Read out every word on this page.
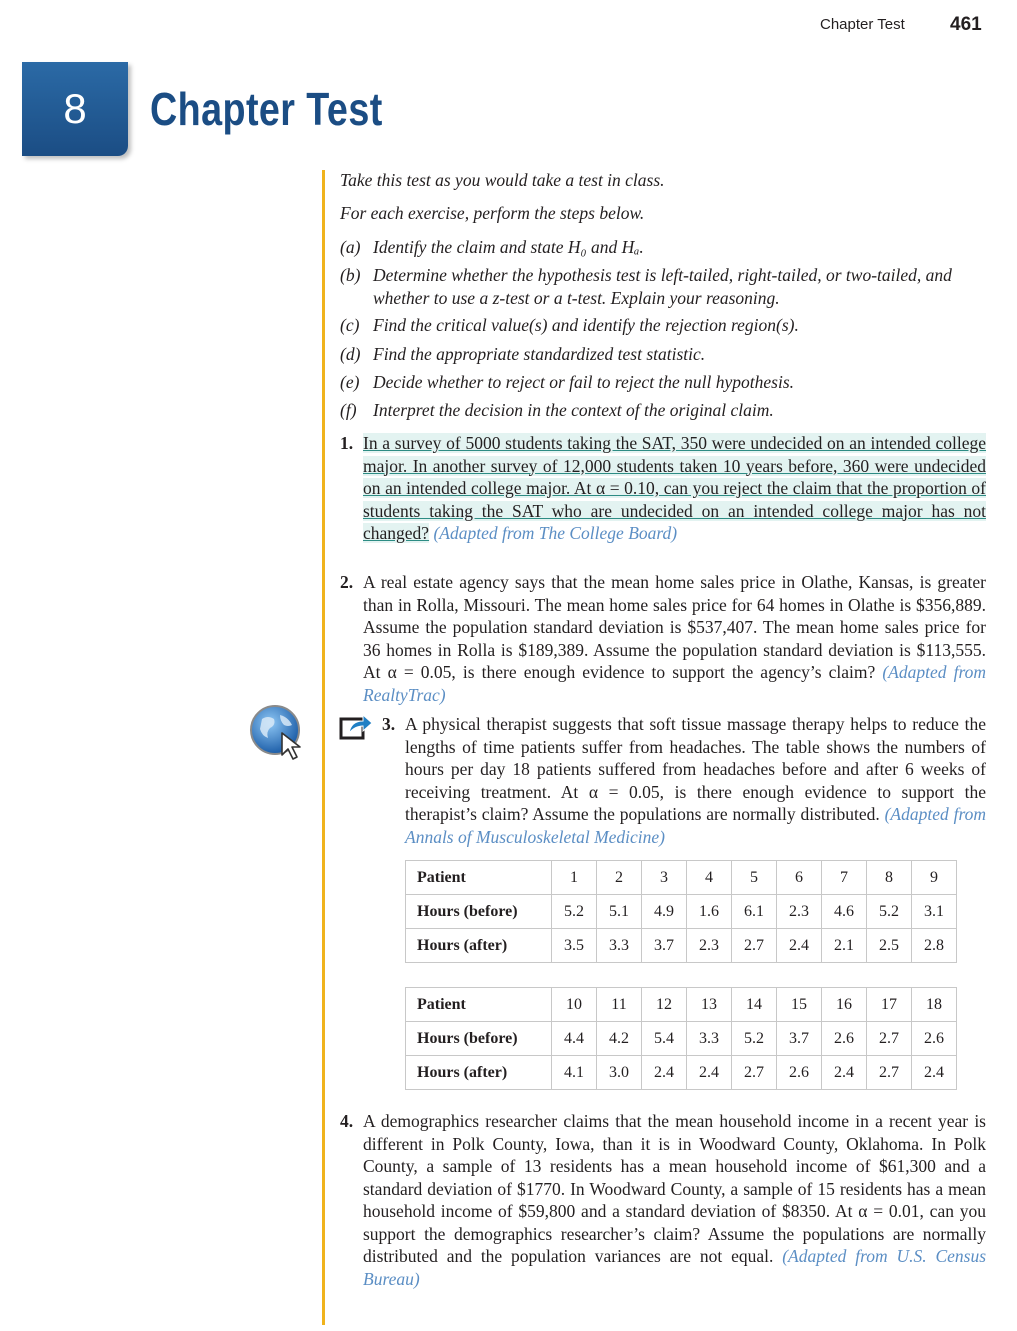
Chapter Test 461
8	Chapter Test
Take this test as you would take a test in class.
For each exercise, perform the steps below.
(a) Identify the claim and state H₀ and Hₐ.
(b) Determine whether the hypothesis test is left-tailed, right-tailed, or two-tailed, and whether to use a z-test or a t-test. Explain your reasoning.
(c) Find the critical value(s) and identify the rejection region(s).
(d) Find the appropriate standardized test statistic.
(e) Decide whether to reject or fail to reject the null hypothesis.
(f) Interpret the decision in the context of the original claim.
1. In a survey of 5000 students taking the SAT, 350 were undecided on an intended college major. In another survey of 12,000 students taken 10 years before, 360 were undecided on an intended college major. At α = 0.10, can you reject the claim that the proportion of students taking the SAT who are undecided on an intended college major has not changed? (Adapted from The College Board)
2. A real estate agency says that the mean home sales price in Olathe, Kansas, is greater than in Rolla, Missouri. The mean home sales price for 64 homes in Olathe is $356,889. Assume the population standard deviation is $537,407. The mean home sales price for 36 homes in Rolla is $189,389. Assume the population standard deviation is $113,555. At α = 0.05, is there enough evidence to support the agency’s claim? (Adapted from RealtyTrac)
3. A physical therapist suggests that soft tissue massage therapy helps to reduce the lengths of time patients suffer from headaches. The table shows the numbers of hours per day 18 patients suffered from headaches before and after 6 weeks of receiving treatment. At α = 0.05, is there enough evidence to support the therapist’s claim? Assume the populations are normally distributed. (Adapted from Annals of Musculoskeletal Medicine)
Patient	1	2	3	4	5	6	7	8	9
Hours (before)	5.2	5.1	4.9	1.6	6.1	2.3	4.6	5.2	3.1
Hours (after)	3.5	3.3	3.7	2.3	2.7	2.4	2.1	2.5	2.8
Patient	10	11	12	13	14	15	16	17	18
Hours (before)	4.4	4.2	5.4	3.3	5.2	3.7	2.6	2.7	2.6
Hours (after)	4.1	3.0	2.4	2.4	2.7	2.6	2.4	2.7	2.4
4. A demographics researcher claims that the mean household income in a recent year is different in Polk County, Iowa, than it is in Woodward County, Oklahoma. In Polk County, a sample of 13 residents has a mean household income of $61,300 and a standard deviation of $1770. In Woodward County, a sample of 15 residents has a mean household income of $59,800 and a standard deviation of $8350. At α = 0.01, can you support the demographics researcher’s claim? Assume the populations are normally distributed and the population variances are not equal. (Adapted from U.S. Census Bureau)
